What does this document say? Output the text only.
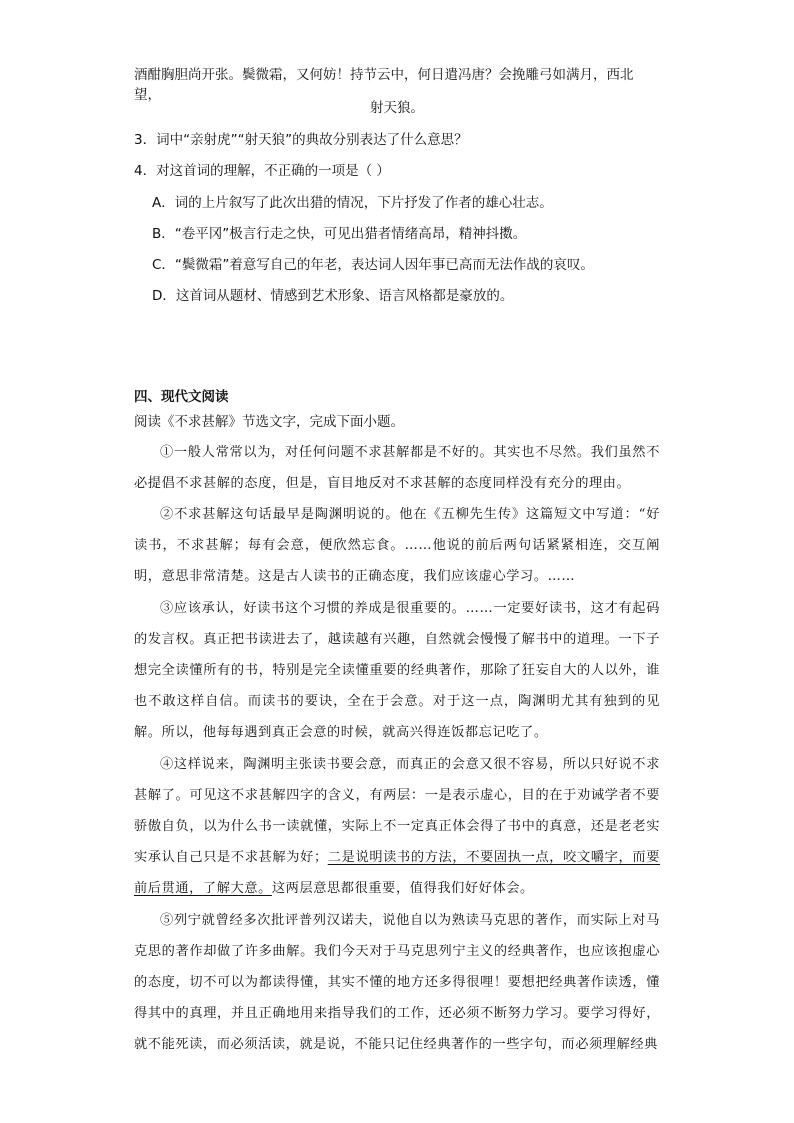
酒酣胸胆尚开张。鬓微霜，又何妨！持节云中，何日遣冯唐？会挽雕弓如满月，西北望，
射天狼。
3．词中“亲射虎”“射天狼”的典故分别表达了什么意思？
4．对这首词的理解，不正确的一项是（ ）
A．词的上片叙写了此次出猎的情况，下片抒发了作者的雄心壮志。
B．“卷平冈”极言行走之快，可见出猎者情绪高昂，精神抖擞。
C．“鬓微霜”着意写自己的年老，表达词人因年事已高而无法作战的哀叹。
D．这首词从题材、情感到艺术形象、语言风格都是豪放的。
四、现代文阅读
阅读《不求甚解》节选文字，完成下面小题。
①一般人常常以为，对任何问题不求甚解都是不好的。其实也不尽然。我们虽然不必提倡不求甚解的态度，但是，盲目地反对不求甚解的态度同样没有充分的理由。
②不求甚解这句话最早是陶渊明说的。他在《五柳先生传》这篇短文中写道：“好读书，不求甚解；每有会意，便欣然忘食。……他说的前后两句话紧紧相连，交互阐明，意思非常清楚。这是古人读书的正确态度，我们应该虚心学习。……
③应该承认，好读书这个习惯的养成是很重要的。……一定要好读书，这才有起码的发言权。真正把书读进去了，越读越有兴趣，自然就会慢慢了解书中的道理。一下子想完全读懂所有的书，特别是完全读懂重要的经典著作，那除了狂妄自大的人以外，谁也不敢这样自信。而读书的要诀，全在于会意。对于这一点，陶渊明尤其有独到的见解。所以，他每每遇到真正会意的时候，就高兴得连饭都忘记吃了。
④这样说来，陶渊明主张读书要会意，而真正的会意又很不容易，所以只好说不求甚解了。可见这不求甚解四字的含义，有两层：一是表示虚心，目的在于劝诫学者不要骄傲自负，以为什么书一读就懂，实际上不一定真正体会得了书中的真意，还是老老实实承认自己只是不求甚解为好；二是说明读书的方法，不要固执一点，咬文嚼字，而要前后贯通，了解大意。这两层意思都很重要，值得我们好好体会。
⑤列宁就曾经多次批评普列汉诺夫，说他自以为熟读马克思的著作，而实际上对马克思的著作却做了许多曲解。我们今天对于马克思列宁主义的经典著作，也应该抱虚心的态度，切不可以为都读得懂，其实不懂的地方还多得很哩！要想把经典著作读透，懂得其中的真理，并且正确地用来指导我们的工作，还必须不断努力学习。要学习得好，就不能死读，而必须活读，就是说，不能只记住经典著作的一些字句，而必须理解经典
